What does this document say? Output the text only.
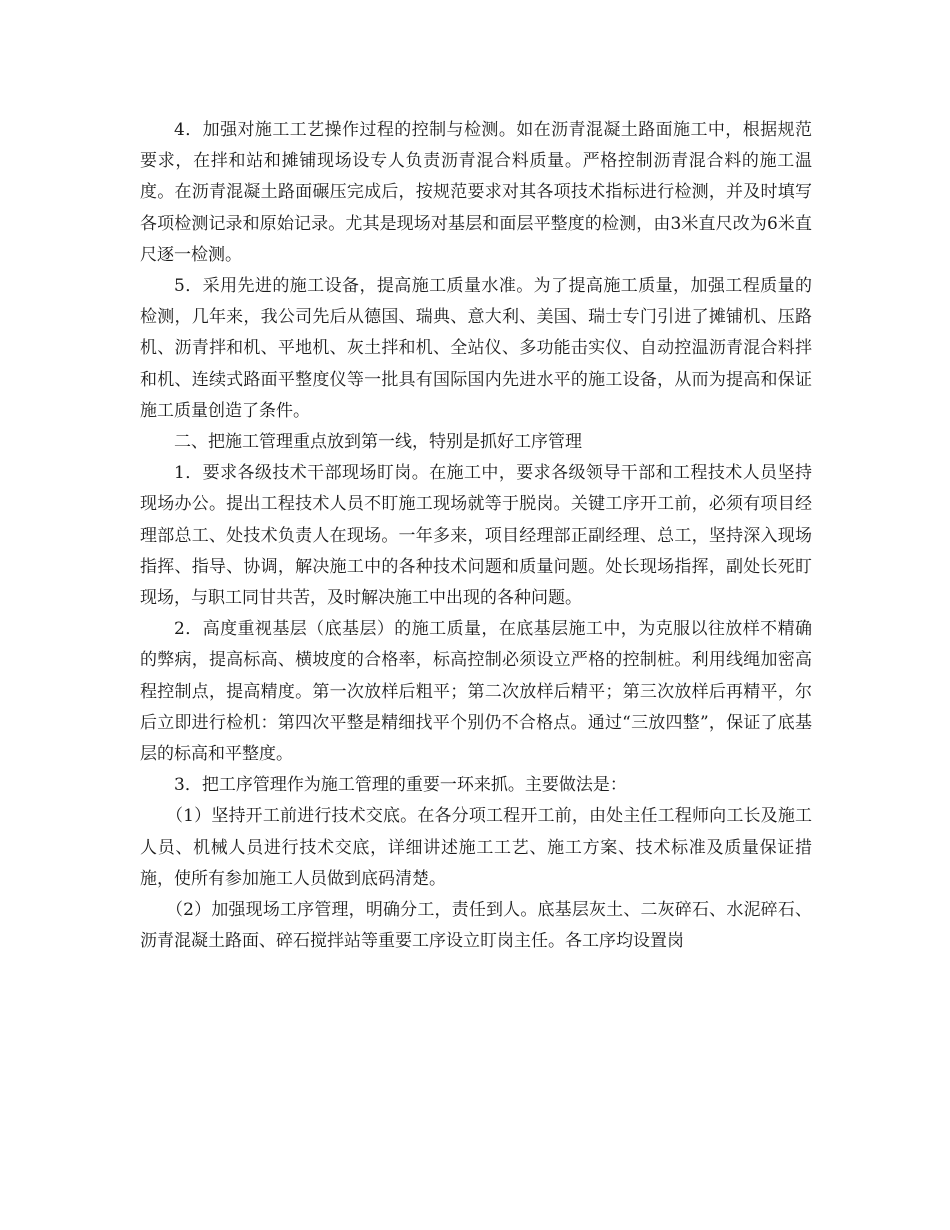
4．加强对施工工艺操作过程的控制与检测。如在沥青混凝土路面施工中，根据规范要求，在拌和站和摊铺现场设专人负责沥青混合料质量。严格控制沥青混合料的施工温度。在沥青混凝土路面碾压完成后，按规范要求对其各项技术指标进行检测，并及时填写各项检测记录和原始记录。尤其是现场对基层和面层平整度的检测，由3米直尺改为6米直尺逐一检测。

5．采用先进的施工设备，提高施工质量水准。为了提高施工质量，加强工程质量的检测，几年来，我公司先后从德国、瑞典、意大利、美国、瑞士专门引进了摊铺机、压路机、沥青拌和机、平地机、灰土拌和机、全站仪、多功能击实仪、自动控温沥青混合料拌和机、连续式路面平整度仪等一批具有国际国内先进水平的施工设备，从而为提高和保证施工质量创造了条件。

二、把施工管理重点放到第一线，特别是抓好工序管理

1．要求各级技术干部现场盯岗。在施工中，要求各级领导干部和工程技术人员坚持现场办公。提出工程技术人员不盯施工现场就等于脱岗。关键工序开工前，必须有项目经理部总工、处技术负责人在现场。一年多来，项目经理部正副经理、总工，坚持深入现场指挥、指导、协调，解决施工中的各种技术问题和质量问题。处长现场指挥，副处长死盯现场，与职工同甘共苦，及时解决施工中出现的各种问题。

2．高度重视基层（底基层）的施工质量，在底基层施工中，为克服以往放样不精确的弊病，提高标高、横坡度的合格率，标高控制必须设立严格的控制桩。利用线绳加密高程控制点，提高精度。第一次放样后粗平；第二次放样后精平；第三次放样后再精平，尔后立即进行检机：第四次平整是精细找平个别仍不合格点。通过“三放四整”，保证了底基层的标高和平整度。

3．把工序管理作为施工管理的重要一环来抓。主要做法是：

（1）坚持开工前进行技术交底。在各分项工程开工前，由处主任工程师向工长及施工人员、机械人员进行技术交底，详细讲述施工工艺、施工方案、技术标准及质量保证措施，使所有参加施工人员做到底码清楚。

（2）加强现场工序管理，明确分工，责任到人。底基层灰土、二灰碎石、水泥碎石、沥青混凝土路面、碎石搅拌站等重要工序设立盯岗主任。各工序均设置岗
